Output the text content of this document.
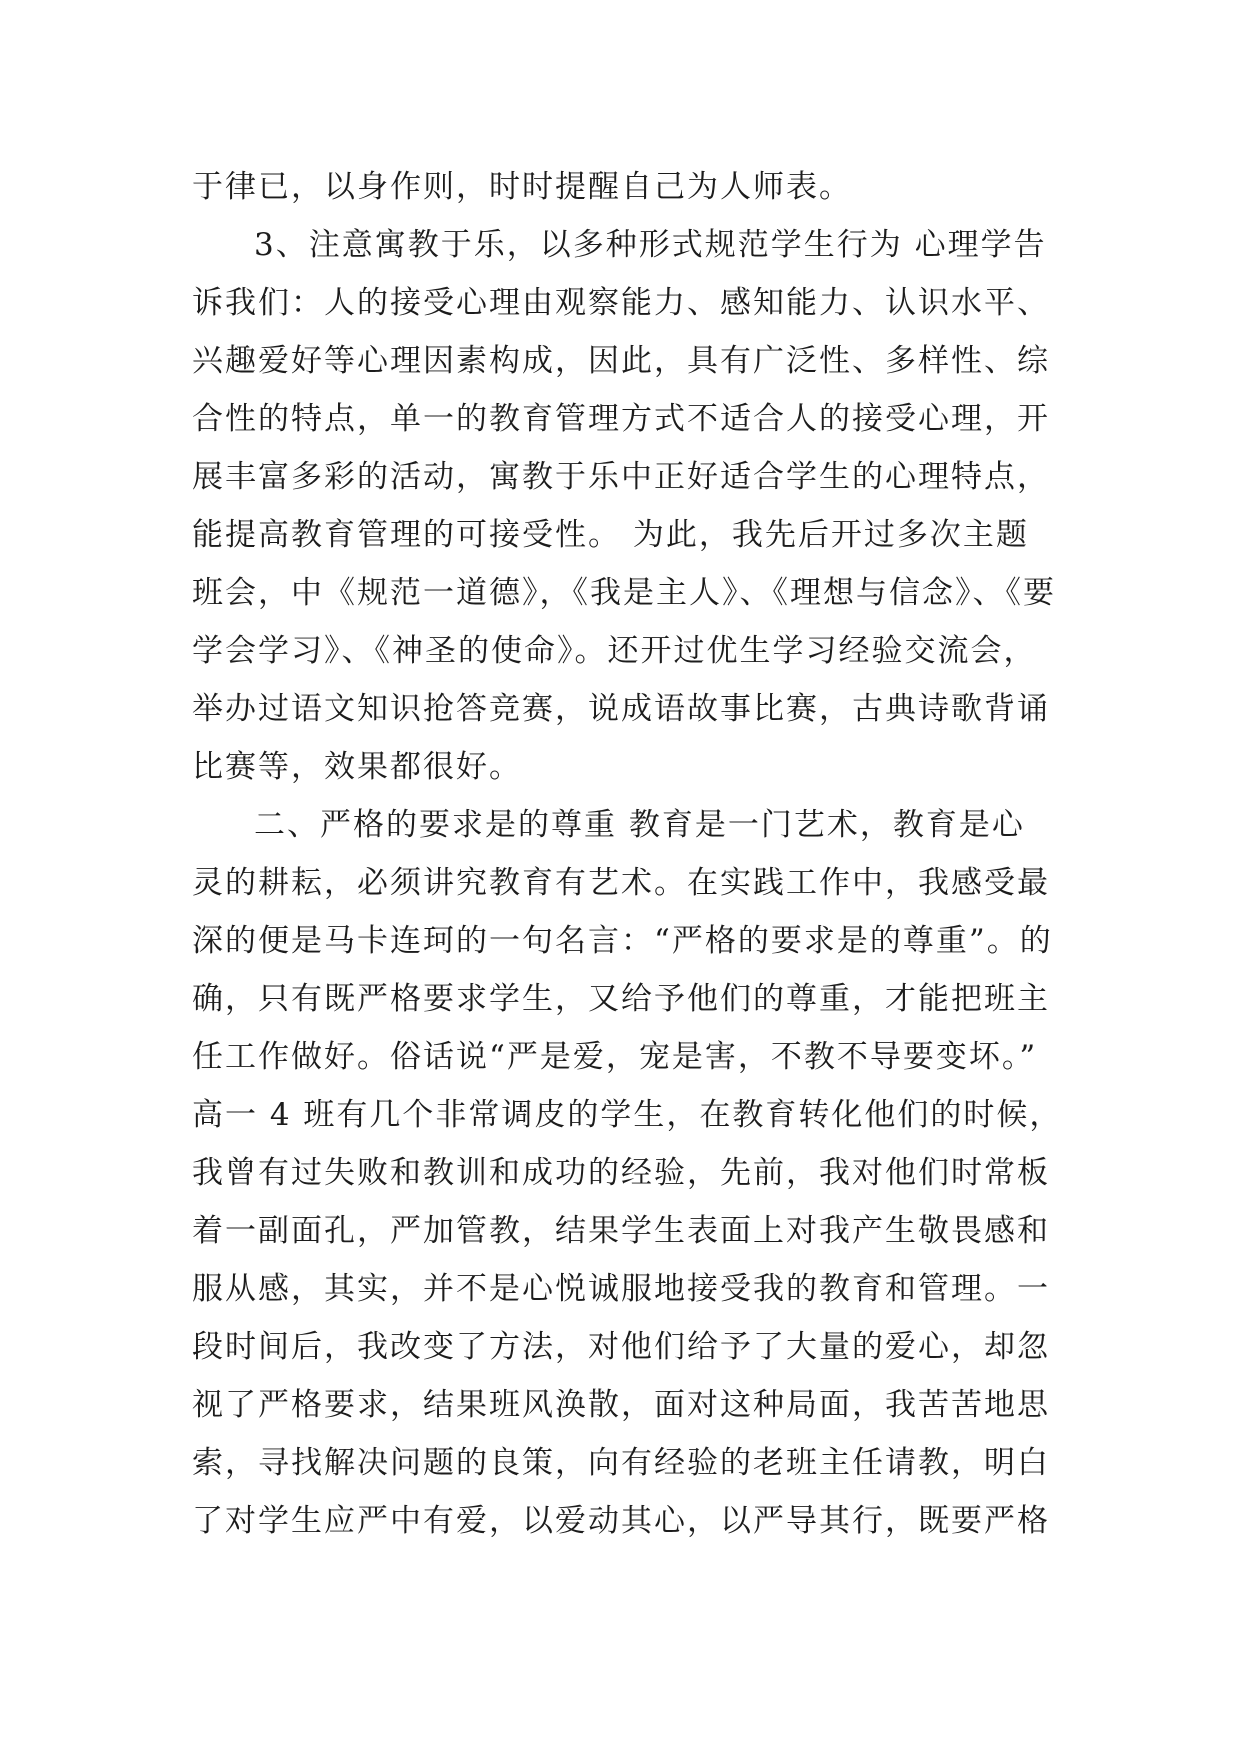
于律已，以身作则，时时提醒自己为人师表。
3、注意寓教于乐，以多种形式规范学生行为 心理学告
诉我们：人的接受心理由观察能力、感知能力、认识水平、
兴趣爱好等心理因素构成，因此，具有广泛性、多样性、综
合性的特点，单一的教育管理方式不适合人的接受心理，开
展丰富多彩的活动，寓教于乐中正好适合学生的心理特点，
能提高教育管理的可接受性。 为此，我先后开过多次主题
班会，中《规范一道德》，《我是主人》、《理想与信念》、《要
学会学习》、《神圣的使命》。还开过优生学习经验交流会，
举办过语文知识抢答竞赛，说成语故事比赛，古典诗歌背诵
比赛等，效果都很好。
二、严格的要求是的尊重 教育是一门艺术，教育是心
灵的耕耘，必须讲究教育有艺术。在实践工作中，我感受最
深的便是马卡连珂的一句名言：“严格的要求是的尊重”。的
确，只有既严格要求学生，又给予他们的尊重，才能把班主
任工作做好。俗话说“严是爱，宠是害，不教不导要变坏。”
高一 4 班有几个非常调皮的学生，在教育转化他们的时候，
我曾有过失败和教训和成功的经验，先前，我对他们时常板
着一副面孔，严加管教，结果学生表面上对我产生敬畏感和
服从感，其实，并不是心悦诚服地接受我的教育和管理。一
段时间后，我改变了方法，对他们给予了大量的爱心，却忽
视了严格要求，结果班风涣散，面对这种局面，我苦苦地思
索，寻找解决问题的良策，向有经验的老班主任请教，明白
了对学生应严中有爱，以爱动其心，以严导其行，既要严格
